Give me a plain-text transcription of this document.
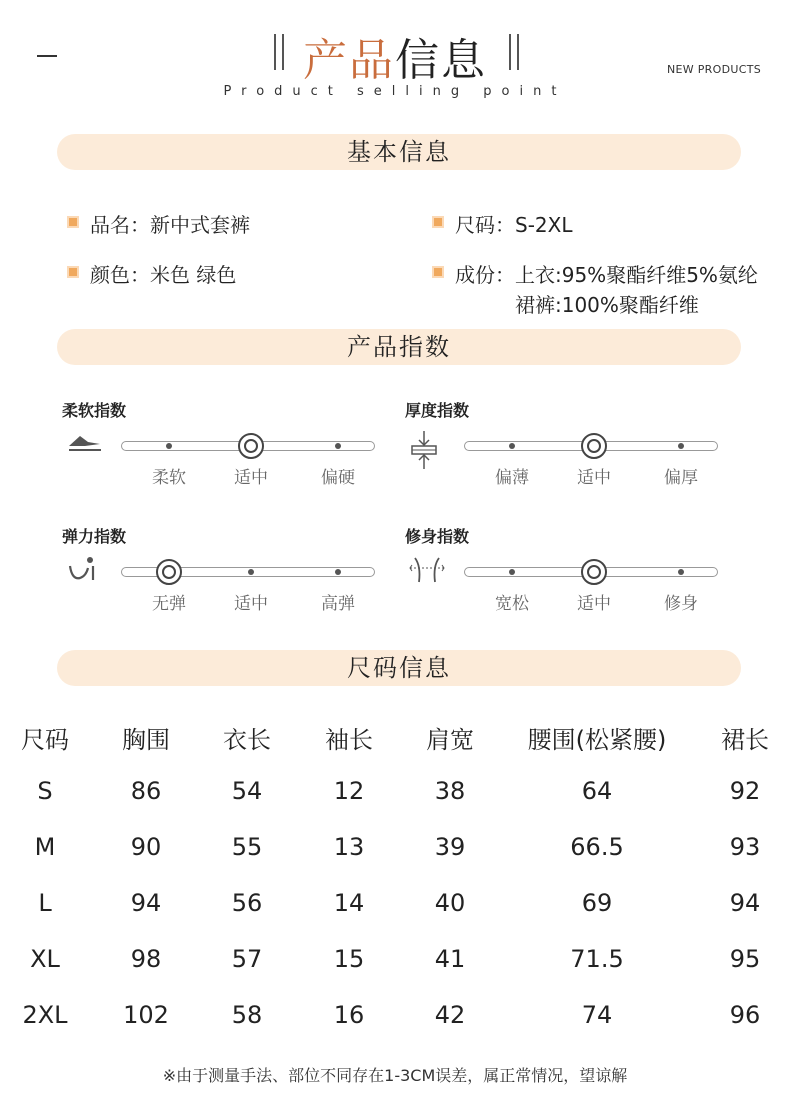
产品信息
Product selling point
NEW PRODUCTS
基本信息
品名：新中式套裤	尺码：S-2XL
颜色：米色 绿色	成份：上衣:95%聚酯纤维5%氨纶
裙裤:100%聚酯纤维
产品指数
柔软指数
柔软	适中	偏硬
厚度指数
偏薄	适中	偏厚
弹力指数
无弹	适中	高弹
修身指数
宽松	适中	修身
尺码信息
尺码	胸围	衣长	袖长	肩宽	腰围(松紧腰)	裙长
S	86	54	12	38	64	92
M	90	55	13	39	66.5	93
L	94	56	14	40	69	94
XL	98	57	15	41	71.5	95
2XL	102	58	16	42	74	96
※由于测量手法、部位不同存在1-3CM误差，属正常情况，望谅解
